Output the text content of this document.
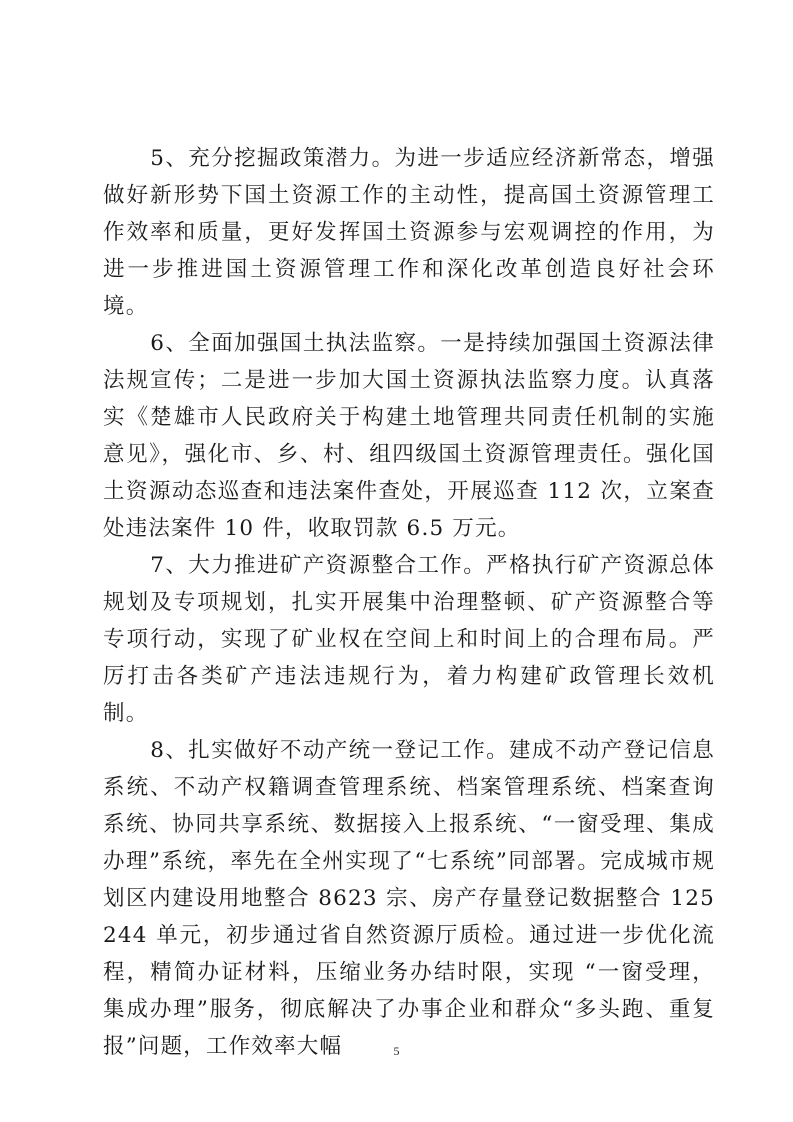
5、充分挖掘政策潜力。为进一步适应经济新常态，增强做好新形势下国土资源工作的主动性，提高国土资源管理工作效率和质量，更好发挥国土资源参与宏观调控的作用，为进一步推进国土资源管理工作和深化改革创造良好社会环境。

6、全面加强国土执法监察。一是持续加强国土资源法律法规宣传；二是进一步加大国土资源执法监察力度。认真落实《楚雄市人民政府关于构建土地管理共同责任机制的实施意见》，强化市、乡、村、组四级国土资源管理责任。强化国土资源动态巡查和违法案件查处，开展巡查 112 次，立案查处违法案件 10 件，收取罚款 6.5 万元。

7、大力推进矿产资源整合工作。严格执行矿产资源总体规划及专项规划，扎实开展集中治理整顿、矿产资源整合等专项行动，实现了矿业权在空间上和时间上的合理布局。严厉打击各类矿产违法违规行为，着力构建矿政管理长效机制。

8、扎实做好不动产统一登记工作。建成不动产登记信息系统、不动产权籍调查管理系统、档案管理系统、档案查询系统、协同共享系统、数据接入上报系统、“一窗受理、集成办理”系统，率先在全州实现了“七系统”同部署。完成城市规划区内建设用地整合 8623 宗、房产存量登记数据整合 125244 单元，初步通过省自然资源厅质检。通过进一步优化流程，精简办证材料，压缩业务办结时限，实现 “一窗受理， 集成办理”服务，彻底解决了办事企业和群众“多头跑、重复报”问题，工作效率大幅	5
